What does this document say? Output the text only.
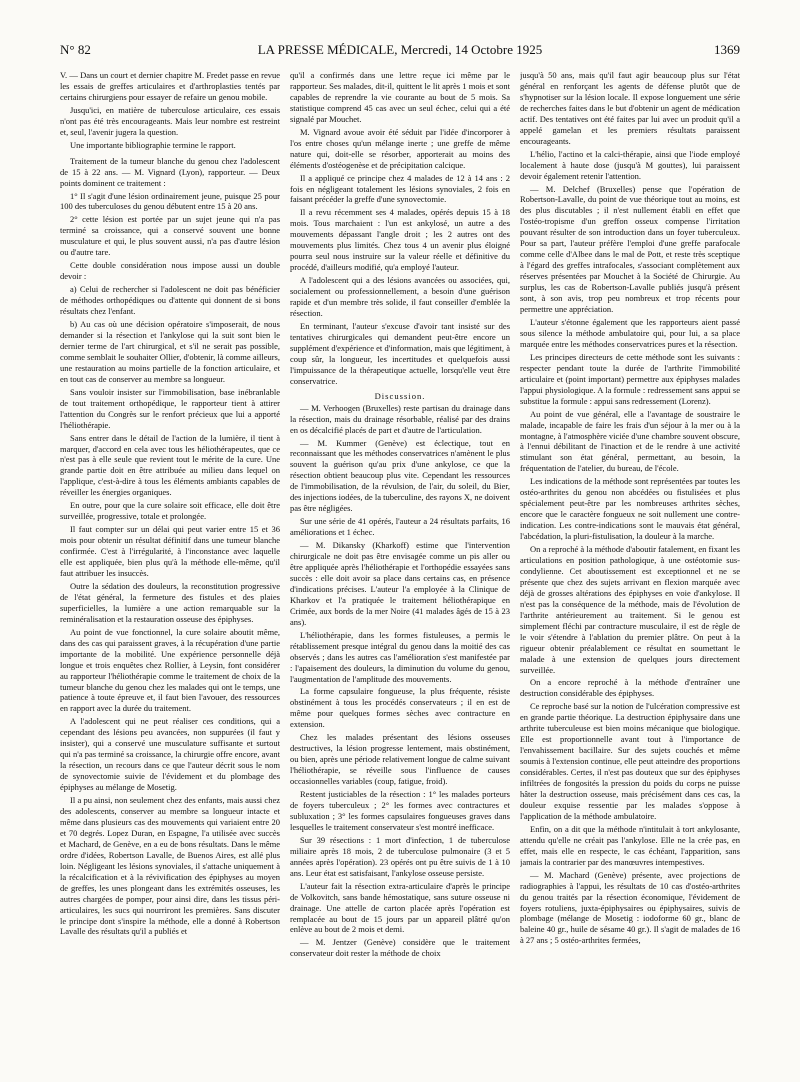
N° 82	LA PRESSE MÉDICALE, Mercredi, 14 Octobre 1925	1369

V. — Dans un court et dernier chapitre M. Fredet passe en revue les essais de greffes articulaires et d'arthroplasties tentés par certains chirurgiens pour essayer de refaire un genou mobile.

Jusqu'ici, en matière de tuberculose articulaire, ces essais n'ont pas été très encourageants. Mais leur nombre est restreint et, seul, l'avenir jugera la question.

Une importante bibliographie termine le rapport.

Traitement de la tumeur blanche du genou chez l'adolescent de 15 à 22 ans. — M. Vignard (Lyon), rapporteur. — Deux points dominent ce traitement :

1° Il s'agit d'une lésion ordinairement jeune, puisque 25 pour 100 des tuberculoses du genou débutent entre 15 à 20 ans.

2° cette lésion est portée par un sujet jeune qui n'a pas terminé sa croissance, qui a conservé souvent une bonne musculature et qui, le plus souvent aussi, n'a pas d'autre lésion ou d'autre tare.

Cette double considération nous impose aussi un double devoir :

a) Celui de rechercher si l'adolescent ne doit pas bénéficier de méthodes orthopédiques ou d'attente qui donnent de si bons résultats chez l'enfant.

b) Au cas où une décision opératoire s'imposerait, de nous demander si la résection et l'ankylose qui la suit sont bien le dernier terme de l'art chirurgical, et s'il ne serait pas possible, comme semblait le souhaiter Ollier, d'obtenir, là comme ailleurs, une restauration au moins partielle de la fonction articulaire, et en tout cas de conserver au membre sa longueur.

Sans vouloir insister sur l'immobilisation, base inébranlable de tout traitement orthopédique, le rapporteur tient à attirer l'attention du Congrès sur le renfort précieux que lui a apporté l'héliothérapie.

Sans entrer dans le détail de l'action de la lumière, il tient à marquer, d'accord en cela avec tous les héliothérapeutes, que ce n'est pas à elle seule que revient tout le mérite de la cure. Une grande partie doit en être attribuée au milieu dans lequel on l'applique, c'est-à-dire à tous les éléments ambiants capables de réveiller les énergies organiques.

En outre, pour que la cure solaire soit efficace, elle doit être surveillée, progressive, totale et prolongée.

Il faut compter sur un délai qui peut varier entre 15 et 36 mois pour obtenir un résultat définitif dans une tumeur blanche confirmée. C'est à l'irrégularité, à l'inconstance avec laquelle elle est appliquée, bien plus qu'à la méthode elle-même, qu'il faut attribuer les insuccès.

Outre la sédation des douleurs, la reconstitution progressive de l'état général, la fermeture des fistules et des plaies superficielles, la lumière a une action remarquable sur la reminéralisation et la restauration osseuse des épiphyses.

Au point de vue fonctionnel, la cure solaire aboutit même, dans des cas qui paraissent graves, à la récupération d'une partie importante de la mobilité. Une expérience personnelle déjà longue et trois enquêtes chez Rollier, à Leysin, font considérer au rapporteur l'héliothérapie comme le traitement de choix de la tumeur blanche du genou chez les malades qui ont le temps, une patience à toute épreuve et, il faut bien l'avouer, des ressources en rapport avec la durée du traitement.

A l'adolescent qui ne peut réaliser ces conditions, qui a cependant des lésions peu avancées, non suppurées (il faut y insister), qui a conservé une musculature suffisante et surtout qui n'a pas terminé sa croissance, la chirurgie offre encore, avant la résection, un recours dans ce que l'auteur décrit sous le nom de synovectomie suivie de l'évidement et du plombage des épiphyses au mélange de Mosetig.

Il a pu ainsi, non seulement chez des enfants, mais aussi chez des adolescents, conserver au membre sa longueur intacte et même dans plusieurs cas des mouvements qui variaient entre 20 et 70 degrés. Lopez Duran, en Espagne, l'a utilisée avec succès et Machard, de Genève, en a eu de bons résultats. Dans le même ordre d'idées, Robertson Lavalle, de Buenos Aires, est allé plus loin. Négligeant les lésions synoviales, il s'attache uniquement à la récalcification et à la révivification des épiphyses au moyen de greffes, les unes plongeant dans les extrémités osseuses, les autres chargées de pomper, pour ainsi dire, dans les tissus péri-articulaires, les sucs qui nourriront les premières. Sans discuter le principe dont s'inspire la méthode, elle a donné à Robertson Lavalle des résultats qu'il a publiés et

qu'il a confirmés dans une lettre reçue ici même par le rapporteur. Ses malades, dit-il, quittent le lit après 1 mois et sont capables de reprendre la vie courante au bout de 5 mois. Sa statistique comprend 45 cas avec un seul échec, celui qui a été signalé par Mouchet.

M. Vignard avoue avoir été séduit par l'idée d'incorporer à l'os entre choses qu'un mélange inerte ; une greffe de même nature qui, doit-elle se résorber, apporterait au moins des éléments d'ostéogenèse et de précipitation calcique.

Il a appliqué ce principe chez 4 malades de 12 à 14 ans : 2 fois en négligeant totalement les lésions synoviales, 2 fois en faisant précéder la greffe d'une synovectomie.

Il a revu récemment ses 4 malades, opérés depuis 15 à 18 mois. Tous marchaient : l'un est ankylosé, un autre a des mouvements dépassant l'angle droit ; les 2 autres ont des mouvements plus limités. Chez tous 4 un avenir plus éloigné pourra seul nous instruire sur la valeur réelle et définitive du procédé, d'ailleurs modifié, qu'a employé l'auteur.

A l'adolescent qui a des lésions avancées ou associées, qui, socialement ou professionnellement, a besoin d'une guérison rapide et d'un membre très solide, il faut conseiller d'emblée la résection.

En terminant, l'auteur s'excuse d'avoir tant insisté sur des tentatives chirurgicales qui demandent peut-être encore un supplément d'expérience et d'information, mais que légitiment, à coup sûr, la longueur, les incertitudes et quelquefois aussi l'impuissance de la thérapeutique actuelle, lorsqu'elle veut être conservatrice.

Discussion.

— M. Verhoogen (Bruxelles) reste partisan du drainage dans la résection, mais du drainage résorbable, réalisé par des drains en os décalcifié placés de part et d'autre de l'articulation.

— M. Kummer (Genève) est éclectique, tout en reconnaissant que les méthodes conservatrices n'amènent le plus souvent la guérison qu'au prix d'une ankylose, ce que la résection obtient beaucoup plus vite. Cependant les ressources de l'immobilisation, de la révulsion, de l'air, du soleil, du Bier, des injections iodées, de la tuberculine, des rayons X, ne doivent pas être négligées.

Sur une série de 41 opérés, l'auteur a 24 résultats parfaits, 16 améliorations et 1 échec.

— M. Dikansky (Kharkoff) estime que l'intervention chirurgicale ne doit pas être envisagée comme un pis aller ou être appliquée après l'héliothérapie et l'orthopédie essayées sans succès : elle doit avoir sa place dans certains cas, en présence d'indications précises. L'auteur l'a employée à la Clinique de Kharkov et l'a pratiquée le traitement héliothérapique en Crimée, aux bords de la mer Noire (41 malades âgés de 15 à 23 ans).

L'héliothérapie, dans les formes fistuleuses, a permis le rétablissement presque intégral du genou dans la moitié des cas observés ; dans les autres cas l'amélioration s'est manifestée par : l'apaisement des douleurs, la diminution du volume du genou, l'augmentation de l'amplitude des mouvements.

La forme capsulaire fongueuse, la plus fréquente, résiste obstinément à tous les procédés conservateurs ; il en est de même pour quelques formes sèches avec contracture en extension.

Chez les malades présentant des lésions osseuses destructives, la lésion progresse lentement, mais obstinément, ou bien, après une période relativement longue de calme suivant l'héliothérapie, se réveille sous l'influence de causes occasionnelles variables (coup, fatigue, froid).

Restent justiciables de la résection : 1° les malades porteurs de foyers tuberculeux ; 2° les formes avec contractures et subluxation ; 3° les formes capsulaires fongueuses graves dans lesquelles le traitement conservateur s'est montré inefficace.

Sur 39 résections : 1 mort d'infection, 1 de tuberculose miliaire après 18 mois, 2 de tuberculose pulmonaire (3 et 5 années après l'opération). 23 opérés ont pu être suivis de 1 à 10 ans. Leur état est satisfaisant, l'ankylose osseuse persiste.

L'auteur fait la résection extra-articulaire d'après le principe de Volkovitch, sans bande hémostatique, sans suture osseuse ni drainage. Une attelle de carton placée après l'opération est remplacée au bout de 15 jours par un appareil plâtré qu'on enlève au bout de 2 mois et demi.

— M. Jentzer (Genève) considère que le traitement conservateur doit rester la méthode de choix

jusqu'à 50 ans, mais qu'il faut agir beaucoup plus sur l'état général en renforçant les agents de défense plutôt que de s'hypnotiser sur la lésion locale. Il expose longuement une série de recherches faites dans le but d'obtenir un agent de médication actif. Des tentatives ont été faites par lui avec un produit qu'il a appelé gamelan et les premiers résultats paraissent encourageants.

L'hélio, l'actino et la calci-thérapie, ainsi que l'iode employé localement à haute dose (jusqu'à M gouttes), lui paraissent devoir également retenir l'attention.

— M. Delchef (Bruxelles) pense que l'opération de Robertson-Lavalle, du point de vue théorique tout au moins, est des plus discutables ; il n'est nullement établi en effet que l'ostéo-tropisme d'un greffon osseux compense l'irritation pouvant résulter de son introduction dans un foyer tuberculeux. Pour sa part, l'auteur préfère l'emploi d'une greffe parafocale comme celle d'Albee dans le mal de Pott, et reste très sceptique à l'égard des greffes intrafocales, s'associant complètement aux réserves présentées par Mouchet à la Société de Chirurgie. Au surplus, les cas de Robertson-Lavalle publiés jusqu'à présent sont, à son avis, trop peu nombreux et trop récents pour permettre une appréciation.

L'auteur s'étonne également que les rapporteurs aient passé sous silence la méthode ambulatoire qui, pour lui, a sa place marquée entre les méthodes conservatrices pures et la résection.

Les principes directeurs de cette méthode sont les suivants : respecter pendant toute la durée de l'arthrite l'immobilité articulaire et (point important) permettre aux épiphyses malades l'appui physiologique. A la formule : redressement sans appui se substitue la formule : appui sans redressement (Lorenz).

Au point de vue général, elle a l'avantage de soustraire le malade, incapable de faire les frais d'un séjour à la mer ou à la montagne, à l'atmosphère viciée d'une chambre souvent obscure, à l'ennui débilitant de l'inaction et de le rendre à une activité stimulant son état général, permettant, au besoin, la fréquentation de l'atelier, du bureau, de l'école.

Les indications de la méthode sont représentées par toutes les ostéo-arthrites du genou non abcédées ou fistulisées et plus spécialement peut-être par les nombreuses arthrites sèches, encore que le caractère fongueux ne soit nullement une contre-indication. Les contre-indications sont le mauvais état général, l'abcédation, la pluri-fistulisation, la douleur à la marche.

On a reproché à la méthode d'aboutir fatalement, en fixant les articulations en position pathologique, à une ostéotomie sus-condylienne. Cet aboutissement est exceptionnel et ne se présente que chez des sujets arrivant en flexion marquée avec déjà de grosses altérations des épiphyses en voie d'ankylose. Il n'est pas la conséquence de la méthode, mais de l'évolution de l'arthrite antérieurement au traitement. Si le genou est simplement fléchi par contracture musculaire, il est de règle de le voir s'étendre à l'ablation du premier plâtre. On peut à la rigueur obtenir préalablement ce résultat en soumettant le malade à une extension de quelques jours directement surveillée.

On a encore reproché à la méthode d'entraîner une destruction considérable des épiphyses.

Ce reproche basé sur la notion de l'ulcération compressive est en grande partie théorique. La destruction épiphysaire dans une arthrite tuberculeuse est bien moins mécanique que biologique. Elle est proportionnelle avant tout à l'importance de l'envahissement bacillaire. Sur des sujets couchés et même soumis à l'extension continue, elle peut atteindre des proportions considérables. Certes, il n'est pas douteux que sur des épiphyses infiltrées de fongosités la pression du poids du corps ne puisse hâter la destruction osseuse, mais précisément dans ces cas, la douleur exquise ressentie par les malades s'oppose à l'application de la méthode ambulatoire.

Enfin, on a dit que la méthode n'intitulait à tort ankylosante, attendu qu'elle ne créait pas l'ankylose. Elle ne la crée pas, en effet, mais elle en respecte, le cas échéant, l'apparition, sans jamais la contrarier par des manœuvres intempestives.

— M. Machard (Genève) présente, avec projections de radiographies à l'appui, les résultats de 10 cas d'ostéo-arthrites du genou traités par la résection économique, l'évidement de foyers rotuliens, juxta-épiphysaires ou épiphysaires, suivis de plombage (mélange de Mosetig : iodoforme 60 gr., blanc de baleine 40 gr., huile de sésame 40 gr.). Il s'agit de malades de 16 à 27 ans ; 5 ostéo-arthrites fermées,
